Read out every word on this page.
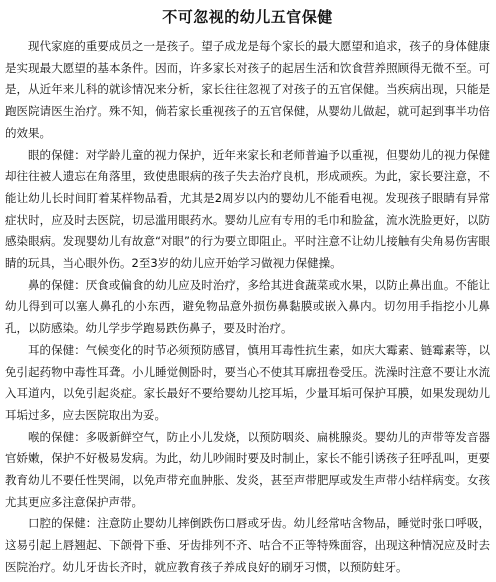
不可忽视的幼儿五官保健

现代家庭的重要成员之一是孩子。望子成龙是每个家长的最大愿望和追求，孩子的身体健康是实现最大愿望的基本条件。因而，许多家长对孩子的起居生活和饮食营养照顾得无微不至。可是，从近年来儿科的就诊情况来分析，家长往往忽视了对孩子的五官保健。当疾病出现，只能是跑医院请医生治疗。殊不知，倘若家长重视孩子的五官保健，从婴幼儿做起，就可起到事半功倍的效果。

眼的保健：对学龄儿童的视力保护，近年来家长和老师普遍予以重视，但婴幼儿的视力保健却往往被人遗忘在角落里，致使患眼病的孩子失去治疗良机，形成顽疾。为此，家长要注意，不能让幼儿长时间盯着某样物品看，尤其是2周岁以内的婴幼儿不能看电视。发现孩子眼睛有异常症状时，应及时去医院，切忌滥用眼药水。婴幼儿应有专用的毛巾和脸盆，流水洗脸更好，以防感染眼病。发现婴幼儿有故意“对眼”的行为要立即阻止。平时注意不让幼儿接触有尖角易伤害眼睛的玩具，当心眼外伤。2至3岁的幼儿应开始学习做视力保健操。

鼻的保健：厌食或偏食的幼儿应及时治疗，多给其进食蔬菜或水果，以防止鼻出血。不能让幼儿得到可以塞人鼻孔的小东西，避免物品意外损伤鼻黏膜或嵌入鼻内。切勿用手指挖小儿鼻孔，以防感染。幼儿学步学跑易跌伤鼻子，要及时治疗。

耳的保健：气候变化的时节必须预防感冒，慎用耳毒性抗生素，如庆大霉素、链霉素等，以免引起药物中毒性耳聋。小儿睡觉侧卧时，要当心不使其耳廓扭卷受压。洗澡时注意不要让水流入耳道内，以免引起炎症。家长最好不要给婴幼儿挖耳垢，少量耳垢可保护耳膜，如果发现幼儿耳垢过多，应去医院取出为妥。

喉的保健：多吸新鲜空气，防止小儿发烧，以预防咽炎、扁桃腺炎。婴幼儿的声带等发音器官娇嫩，保护不好极易发病。为此，幼儿吵闹时要及时制止，家长不能引诱孩子狂呼乱叫，更要教育幼儿不要任性哭闹，以免声带充血肿胀、发炎，甚至声带肥厚或发生声带小结样病变。女孩尤其更应多注意保护声带。

口腔的保健：注意防止婴幼儿摔倒跌伤口唇或牙齿。幼儿经常咕含物品，睡觉时张口呼吸，这易引起上唇翘起、下颌骨下垂、牙齿排列不齐、咕合不正等特殊面容，出现这种情况应及时去医院治疗。幼儿牙齿长齐时，就应教育孩子养成良好的刷牙习惯，以预防蛀牙。
